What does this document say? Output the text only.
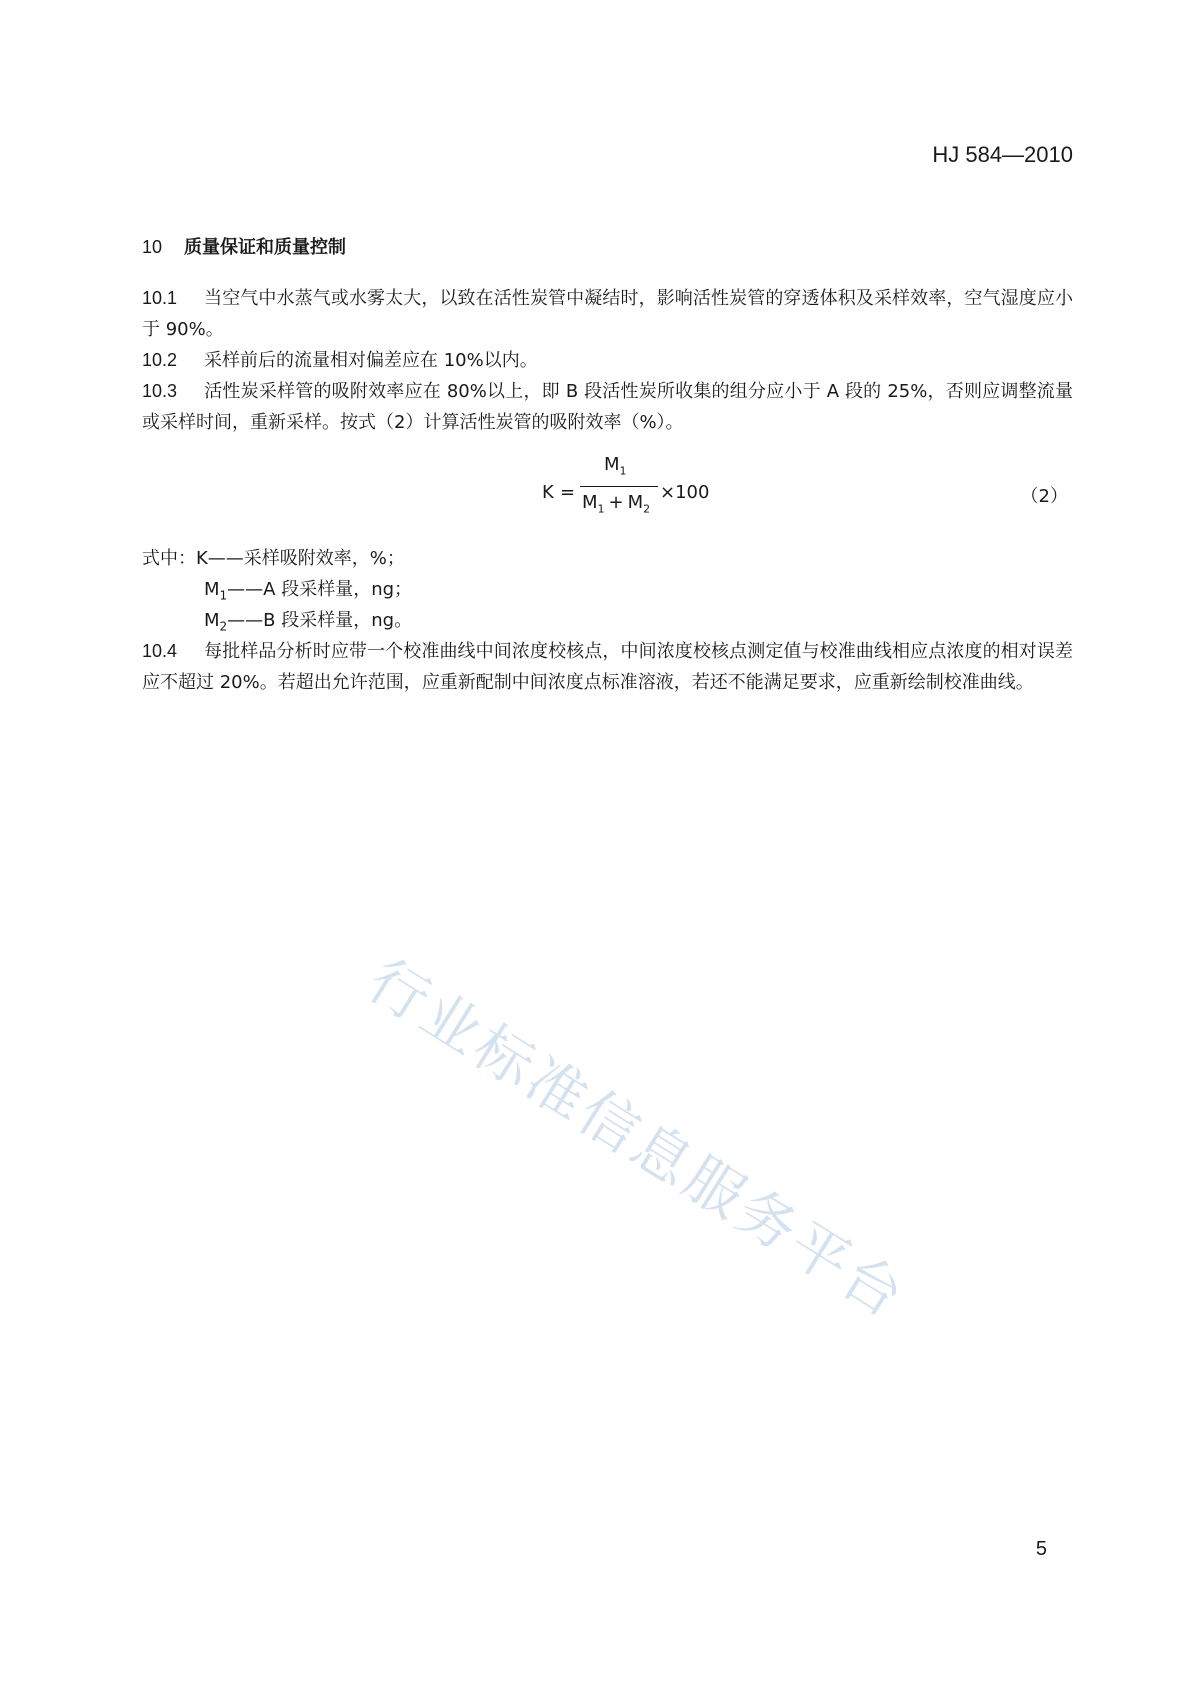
HJ 584—2010
10 质量保证和质量控制

10.1 当空气中水蒸气或水雾太大，以致在活性炭管中凝结时，影响活性炭管的穿透体积及采样效率，空气湿度应小于 90%。

10.2 采样前后的流量相对偏差应在 10%以内。

10.3 活性炭采样管的吸附效率应在 80%以上，即 B 段活性炭所收集的组分应小于 A 段的 25%，否则应调整流量或采样时间，重新采样。按式（2）计算活性炭管的吸附效率（%）。

K =
$M_1$
$M_1 + M_2$
×100	（2）
式中：K——采样吸附效率，%；
$M_1——A$ 段采样量，ng；
$M_2——B$ 段采样量，ng。

10.4 每批样品分析时应带一个校准曲线中间浓度校核点，中间浓度校核点测定值与校准曲线相应点浓度的相对误差应不超过 20%。若超出允许范围，应重新配制中间浓度点标准溶液，若还不能满足要求，应重新绘制校准曲线。

行业标准信息服务平台
5
